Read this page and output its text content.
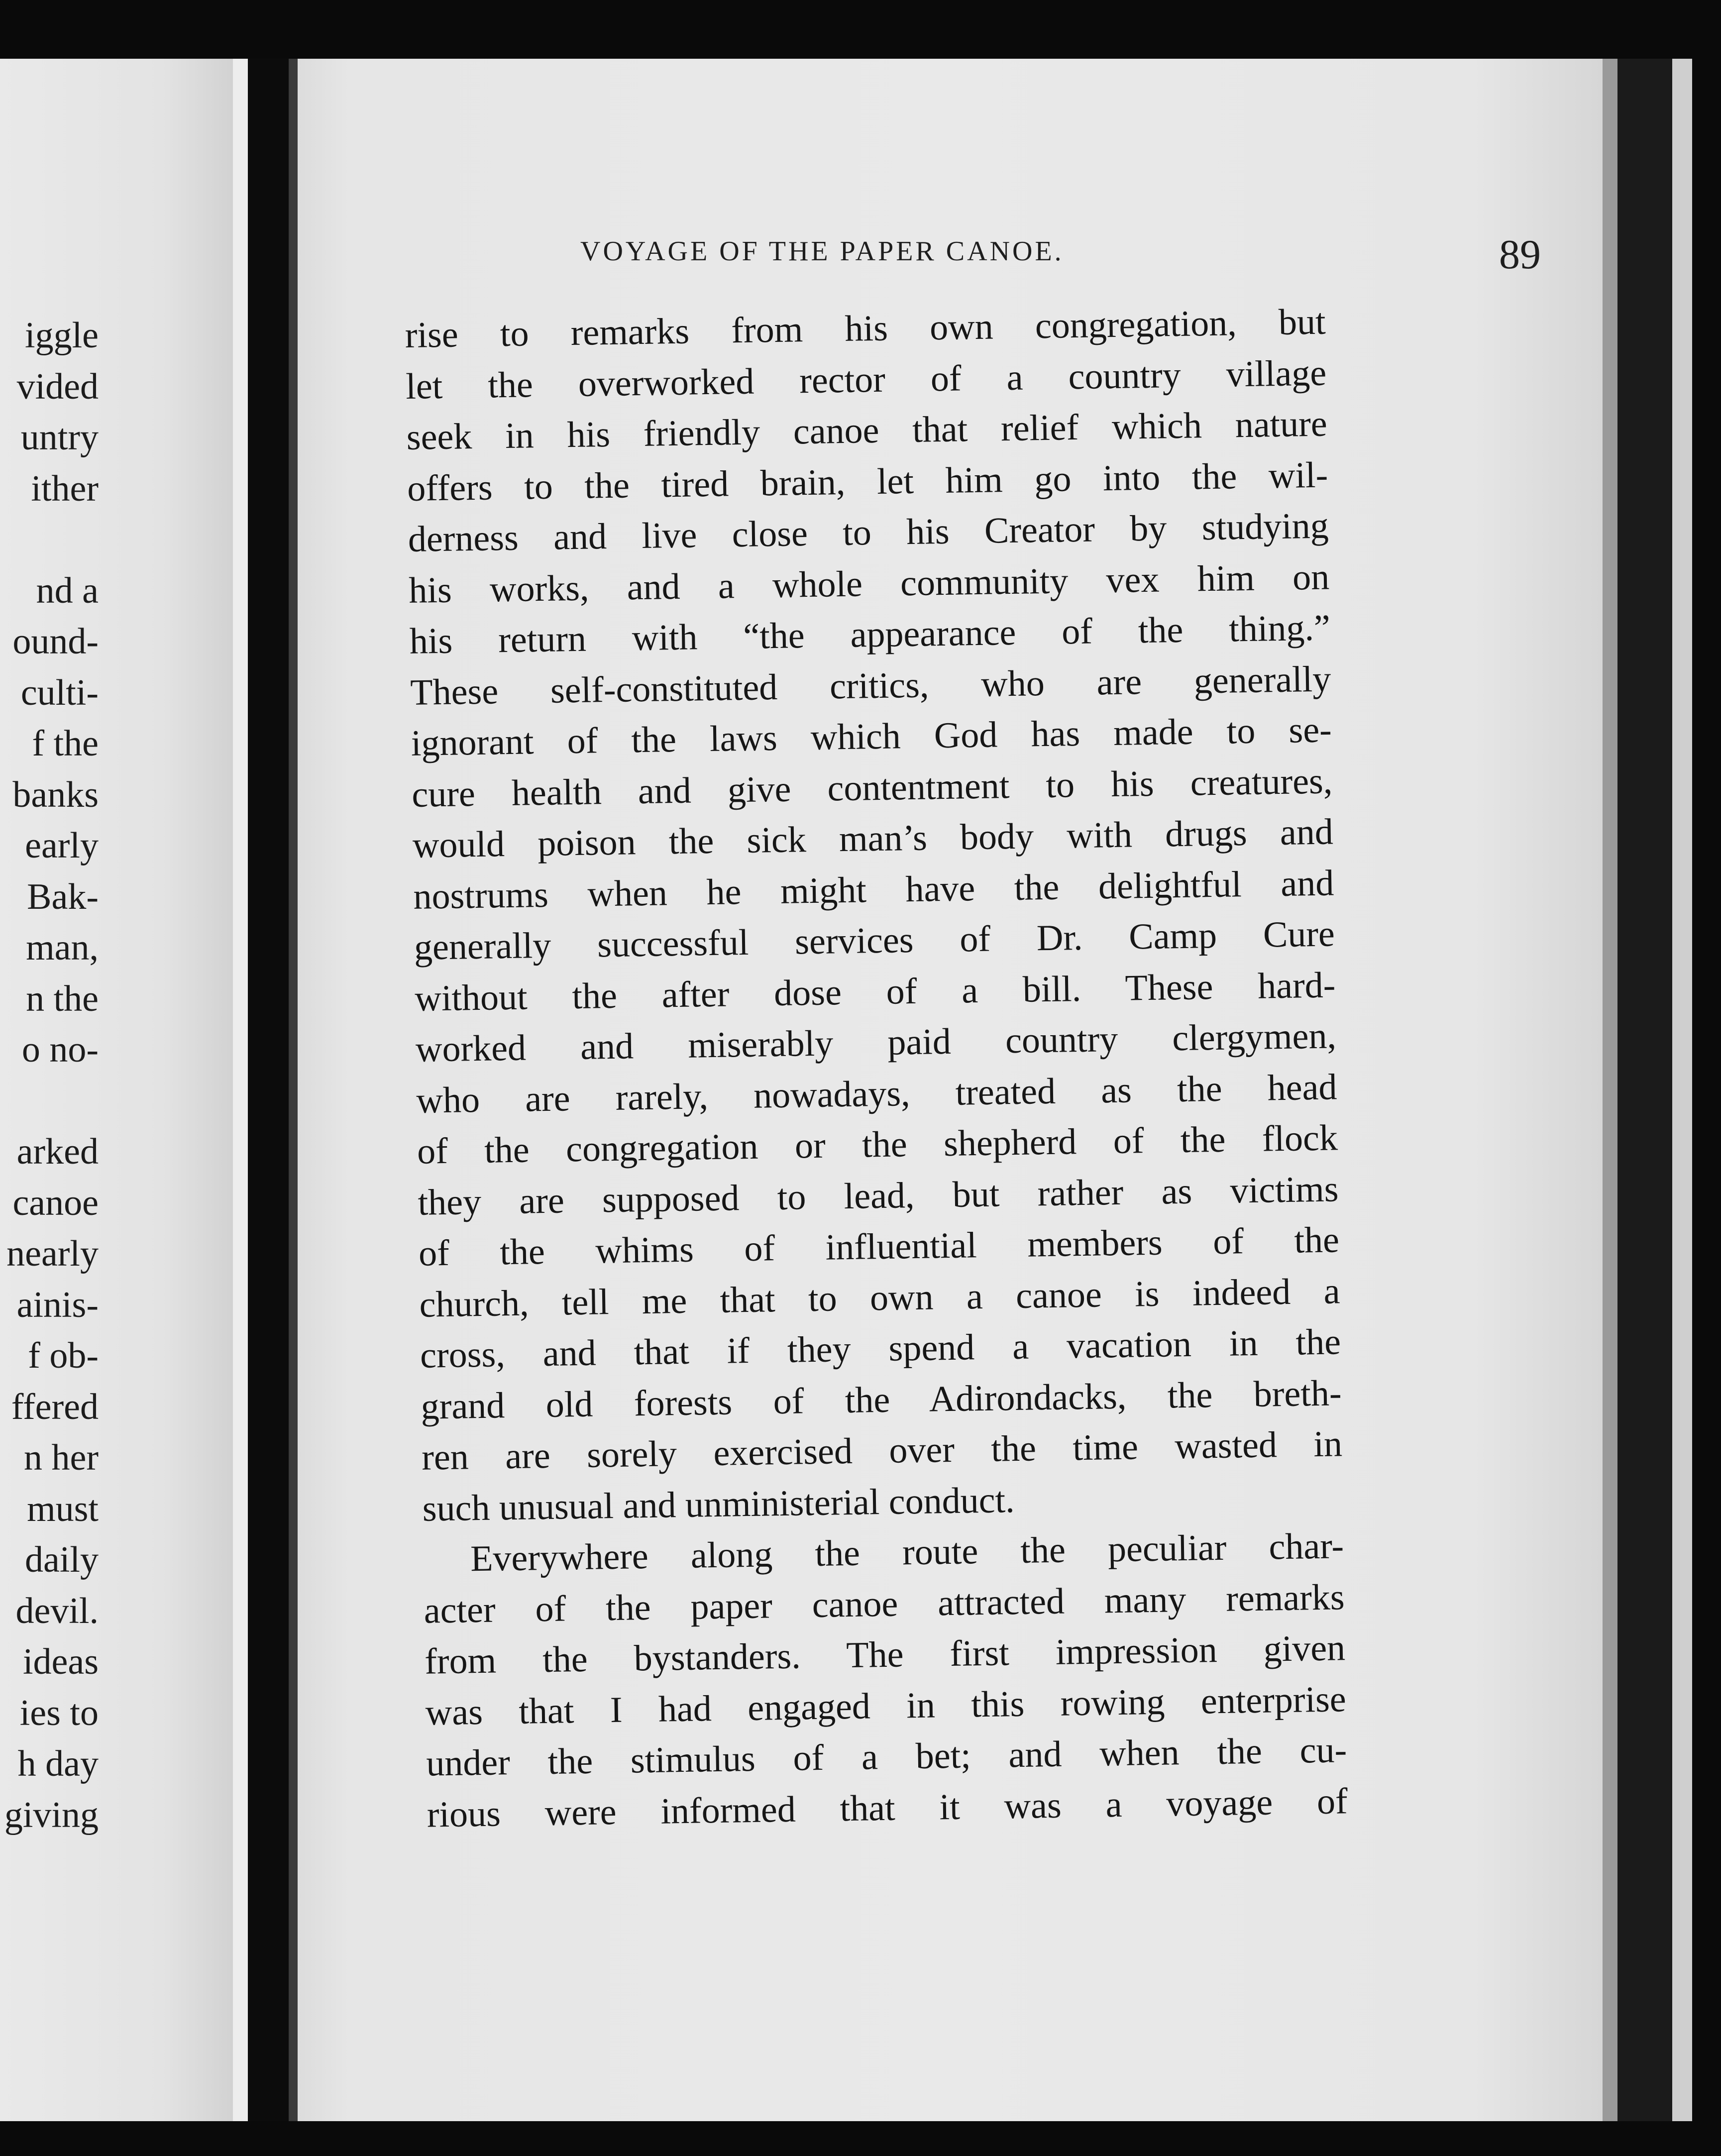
iggle
vided
untry
ither

nd a
ound-
culti-
f the
banks
early
Bak-
man,
n the
o no-

arked
canoe
nearly
ainis-
f ob-
ffered
n her
must
daily
devil.
ideas
ies to
h day
giving
VOYAGE OF THE PAPER CANOE.	89
rise to remarks from his own congregation, but
let the overworked rector of a country village
seek in his friendly canoe that relief which nature
offers to the tired brain, let him go into the wil-
derness and live close to his Creator by studying
his works, and a whole community vex him on
his return with “the appearance of the thing.”
These self-constituted critics, who are generally
ignorant of the laws which God has made to se-
cure health and give contentment to his creatures,
would poison the sick man’s body with drugs and
nostrums when he might have the delightful and
generally successful services of Dr. Camp Cure
without the after dose of a bill. These hard-
worked and miserably paid country clergymen,
who are rarely, nowadays, treated as the head
of the congregation or the shepherd of the flock
they are supposed to lead, but rather as victims
of the whims of influential members of the
church, tell me that to own a canoe is indeed a
cross, and that if they spend a vacation in the
grand old forests of the Adirondacks, the breth-
ren are sorely exercised over the time wasted in
such unusual and unministerial conduct.
Everywhere along the route the peculiar char-
acter of the paper canoe attracted many remarks
from the bystanders. The first impression given
was that I had engaged in this rowing enterprise
under the stimulus of a bet; and when the cu-
rious were informed that it was a voyage of
